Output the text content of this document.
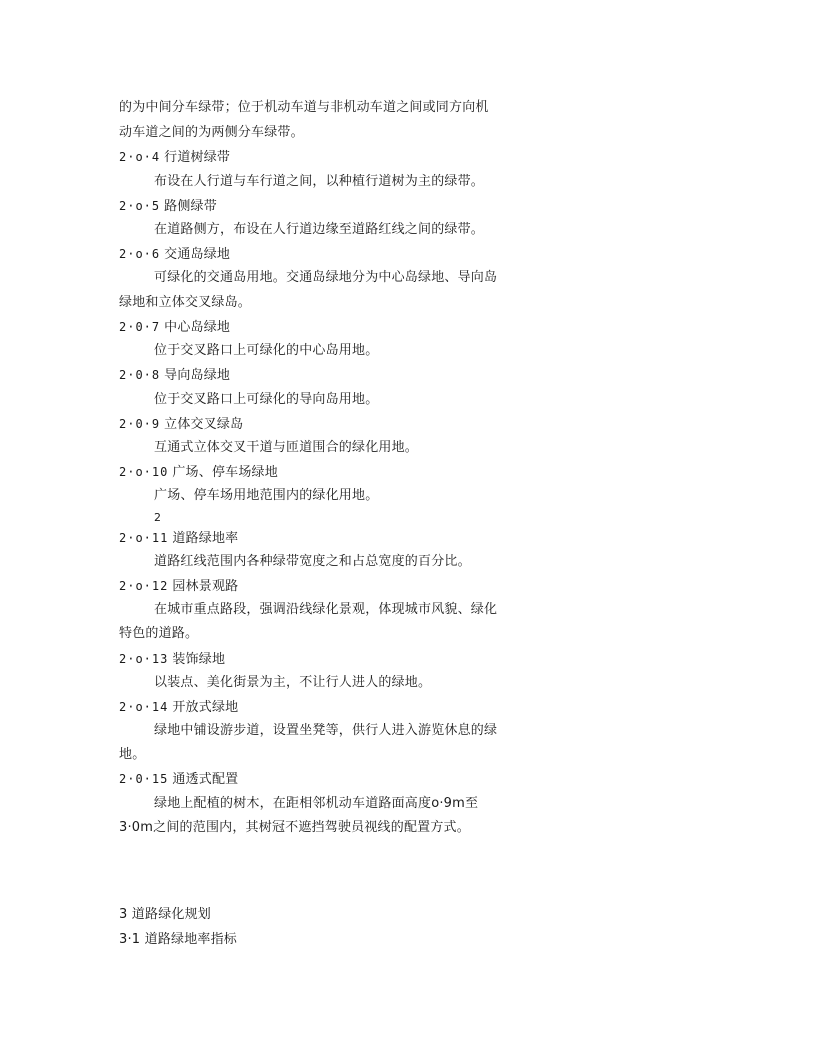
的为中间分车绿带；位于机动车道与非机动车道之间或同方向机
动车道之间的为两侧分车绿带。
2·o·4 行道树绿带
布设在人行道与车行道之间，以种植行道树为主的绿带。
2·o·5 路侧绿带
在道路侧方，布设在人行道边缘至道路红线之间的绿带。
2·o·6 交通岛绿地
可绿化的交通岛用地。交通岛绿地分为中心岛绿地、导向岛
绿地和立体交叉绿岛。
2·0·7 中心岛绿地
位于交叉路口上可绿化的中心岛用地。
2·0·8 导向岛绿地
位于交叉路口上可绿化的导向岛用地。
2·0·9 立体交叉绿岛
互通式立体交叉干道与匝道围合的绿化用地。
2·o·10 广场、停车场绿地
广场、停车场用地范围内的绿化用地。
2
2·o·11 道路绿地率
道路红线范围内各种绿带宽度之和占总宽度的百分比。
2·o·12 园林景观路
在城市重点路段，强调沿线绿化景观，体现城市风貌、绿化
特色的道路。
2·o·13 装饰绿地
以装点、美化街景为主，不让行人进人的绿地。
2·o·14 开放式绿地
绿地中铺设游步道，设置坐凳等，供行人进入游览休息的绿
地。
2·0·15 通透式配置
绿地上配植的树木，在距相邻机动车道路面高度o·9m至
3·0m之间的范围内，其树冠不遮挡驾驶员视线的配置方式。
3 道路绿化规划
3·1 道路绿地率指标
